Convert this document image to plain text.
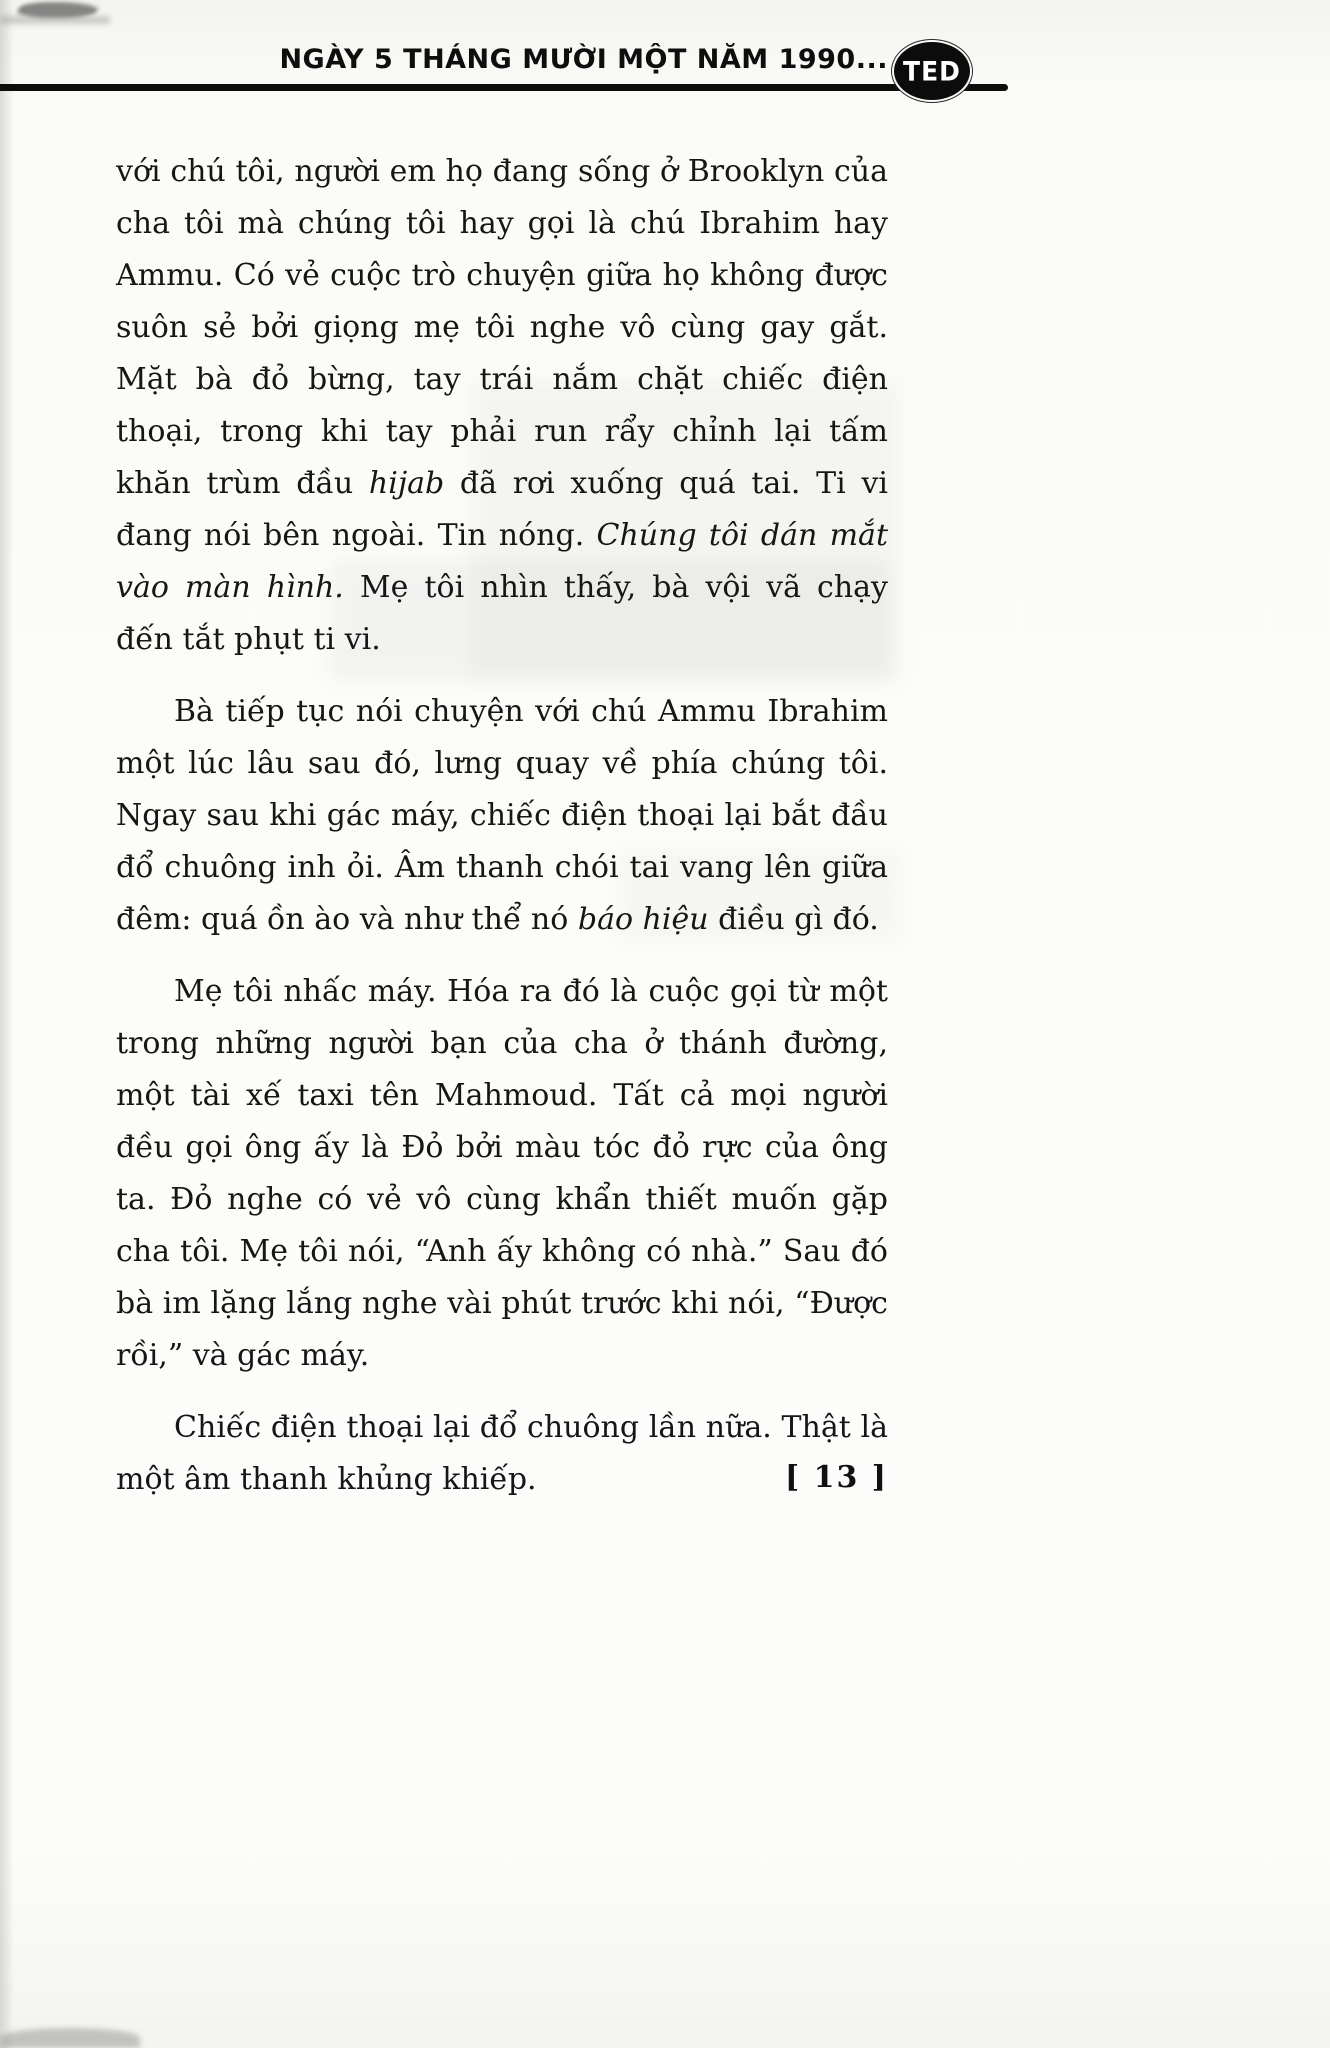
NGÀY 5 THÁNG MƯỜI MỘT NĂM 1990... TED

với chú tôi, người em họ đang sống ở Brooklyn của cha tôi mà chúng tôi hay gọi là chú Ibrahim hay Ammu. Có vẻ cuộc trò chuyện giữa họ không được suôn sẻ bởi giọng mẹ tôi nghe vô cùng gay gắt. Mặt bà đỏ bừng, tay trái nắm chặt chiếc điện thoại, trong khi tay phải run rẩy chỉnh lại tấm khăn trùm đầu hijab đã rơi xuống quá tai. Ti vi đang nói bên ngoài. Tin nóng. Chúng tôi dán mắt vào màn hình. Mẹ tôi nhìn thấy, bà vội vã chạy đến tắt phụt ti vi.

Bà tiếp tục nói chuyện với chú Ammu Ibrahim một lúc lâu sau đó, lưng quay về phía chúng tôi. Ngay sau khi gác máy, chiếc điện thoại lại bắt đầu đổ chuông inh ỏi. Âm thanh chói tai vang lên giữa đêm: quá ồn ào và như thể nó báo hiệu điều gì đó.

Mẹ tôi nhấc máy. Hóa ra đó là cuộc gọi từ một trong những người bạn của cha ở thánh đường, một tài xế taxi tên Mahmoud. Tất cả mọi người đều gọi ông ấy là Đỏ bởi màu tóc đỏ rực của ông ta. Đỏ nghe có vẻ vô cùng khẩn thiết muốn gặp cha tôi. Mẹ tôi nói, “Anh ấy không có nhà.” Sau đó bà im lặng lắng nghe vài phút trước khi nói, “Được rồi,” và gác máy.

Chiếc điện thoại lại đổ chuông lần nữa. Thật là một âm thanh khủng khiếp.	[ 13 ]
